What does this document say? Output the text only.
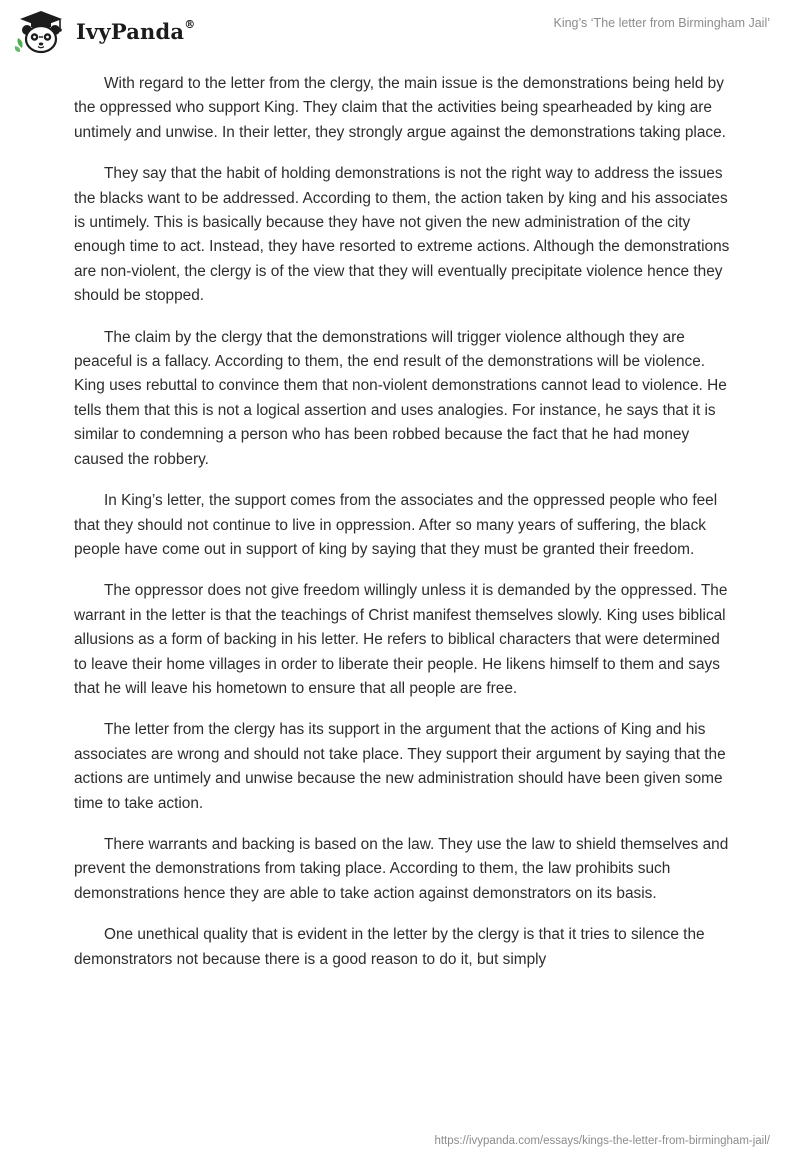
IvyPanda®	King’s ‘The letter from Birmingham Jail’

With regard to the letter from the clergy, the main issue is the demonstrations being held by the oppressed who support King. They claim that the activities being spearheaded by king are untimely and unwise. In their letter, they strongly argue against the demonstrations taking place.

They say that the habit of holding demonstrations is not the right way to address the issues the blacks want to be addressed. According to them, the action taken by king and his associates is untimely. This is basically because they have not given the new administration of the city enough time to act. Instead, they have resorted to extreme actions. Although the demonstrations are non-violent, the clergy is of the view that they will eventually precipitate violence hence they should be stopped.

The claim by the clergy that the demonstrations will trigger violence although they are peaceful is a fallacy. According to them, the end result of the demonstrations will be violence. King uses rebuttal to convince them that non-violent demonstrations cannot lead to violence. He tells them that this is not a logical assertion and uses analogies. For instance, he says that it is similar to condemning a person who has been robbed because the fact that he had money caused the robbery.

In King’s letter, the support comes from the associates and the oppressed people who feel that they should not continue to live in oppression. After so many years of suffering, the black people have come out in support of king by saying that they must be granted their freedom.

The oppressor does not give freedom willingly unless it is demanded by the oppressed. The warrant in the letter is that the teachings of Christ manifest themselves slowly. King uses biblical allusions as a form of backing in his letter. He refers to biblical characters that were determined to leave their home villages in order to liberate their people. He likens himself to them and says that he will leave his hometown to ensure that all people are free.

The letter from the clergy has its support in the argument that the actions of King and his associates are wrong and should not take place. They support their argument by saying that the actions are untimely and unwise because the new administration should have been given some time to take action.

There warrants and backing is based on the law. They use the law to shield themselves and prevent the demonstrations from taking place. According to them, the law prohibits such demonstrations hence they are able to take action against demonstrators on its basis.

One unethical quality that is evident in the letter by the clergy is that it tries to silence the demonstrators not because there is a good reason to do it, but simply

https://ivypanda.com/essays/kings-the-letter-from-birmingham-jail/
